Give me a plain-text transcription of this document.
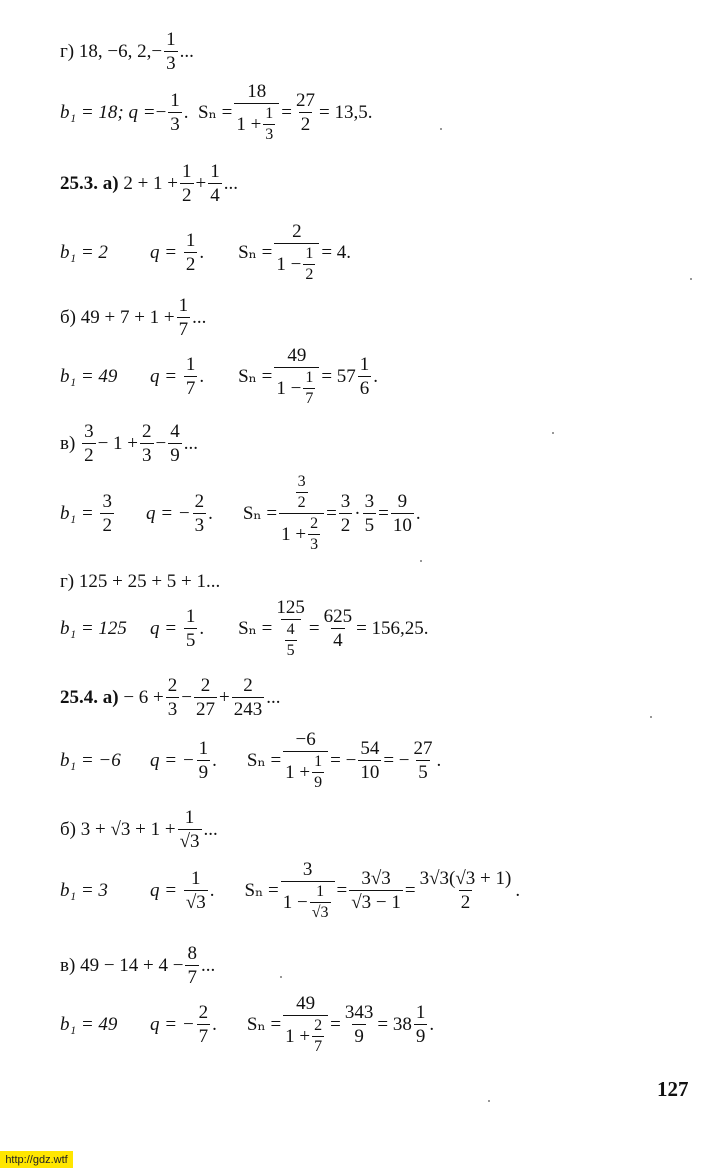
г)
18, −6, 2, − $\frac{1}{3}$ ...
b₁ = 18; q = − $\frac{1}{3}$ .
$S_n = \frac{18}{1 + \frac{1}{3}} = \frac{27}{2} = 13,5$.
25.3. а)
$2 + 1 + \frac{1}{2} + \frac{1}{4}$ ...
b₁ = 2	q =
$\frac{1}{2}$ . $S_n = \frac{2}{1 - \frac{1}{2}} = 4$.
б)
$49 + 7 + 1 + \frac{1}{7}$ ...
b₁ = 49	q =
$\frac{1}{7}$ . $S_n = \frac{49}{1 - \frac{1}{7}} = 57 \frac{1}{6}$ .
в)
$\frac{3}{2} - 1 + \frac{2}{3} - \frac{4}{9}$ ...
b₁ =
$\frac{3}{2}$ q = − $\frac{2}{3}$ . $S_n = \frac{\frac{3}{2}}{1 + \frac{2}{3}} = \frac{3}{2} \cdot \frac{3}{5} = \frac{9}{10}$ .
г)
125 + 25 + 5 + 1...
b₁ = 125	q =
$\frac{1}{5}$ . $S_n = \frac{125}{\frac{4}{5}} = \frac{625}{4} = 156,25$.
25.4. а)
− $6 + \frac{2}{3} - \frac{2}{27} + \frac{2}{243}$ ...
b₁ = −6	q = − $\frac{1}{9}$ . $S_n = \frac{-6}{1 + \frac{1}{9}}$ = − $\frac{54}{10}$ = − $\frac{27}{5}$ .
б)
$3 + √3 + 1 + \frac{1}{√3}$ ...
b₁ = 3	q =
$\frac{1}{√3}$ . $S_n = \frac{3}{1 - \frac{1}{√3}} = \frac{3√3}{√3 - 1} = \frac{3√3(√3 + 1)}{2}$ .
в)
$49 - 14 + 4 - \frac{8}{7}$ ...
b₁ = 49	q = − $\frac{2}{7}$ . $S_n = \frac{49}{1 + \frac{2}{7}} = \frac{343}{9} = 38 \frac{1}{9}$ .
127
http://gdz.wtf
